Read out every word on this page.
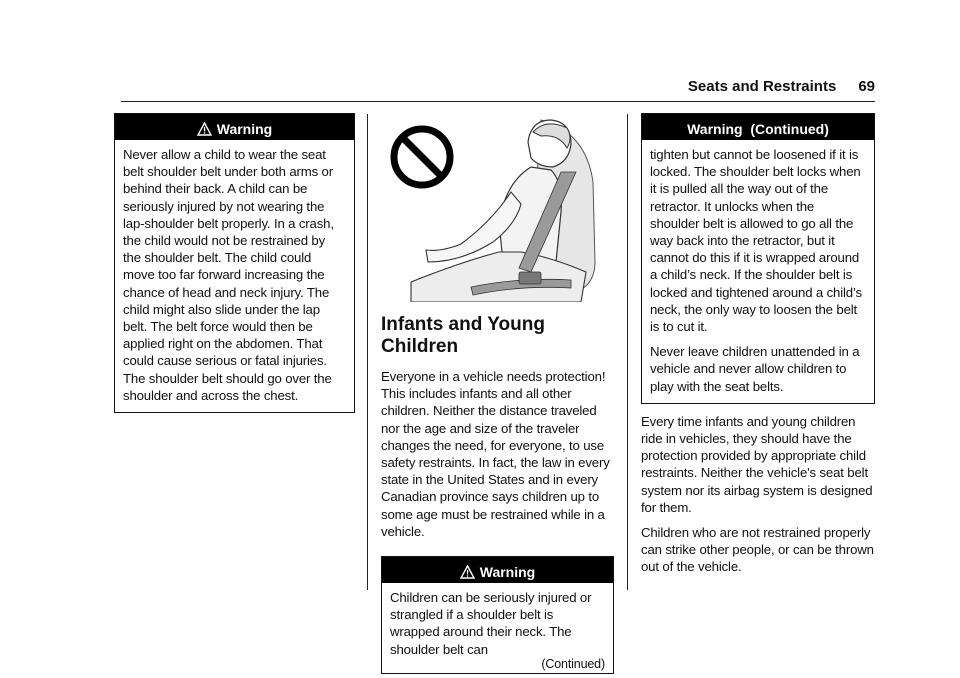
Seats and Restraints 69
Warning

Never allow a child to wear the seat belt shoulder belt under both arms or behind their back. A child can be seriously injured by not wearing the lap-shoulder belt properly. In a crash, the child would not be restrained by the shoulder belt. The child could move too far forward increasing the chance of head and neck injury. The child might also slide under the lap belt. The belt force would then be applied right on the abdomen. That could cause serious or fatal injuries. The shoulder belt should go over the shoulder and across the chest.

Infants and Young Children

Everyone in a vehicle needs protection! This includes infants and all other children. Neither the distance traveled nor the age and size of the traveler changes the need, for everyone, to use safety restraints. In fact, the law in every state in the United States and in every Canadian province says children up to some age must be restrained while in a vehicle.

Warning

Children can be seriously injured or strangled if a shoulder belt is wrapped around their neck. The shoulder belt can

(Continued)
Warning  (Continued)

tighten but cannot be loosened if it is locked. The shoulder belt locks when it is pulled all the way out of the retractor. It unlocks when the shoulder belt is allowed to go all the way back into the retractor, but it cannot do this if it is wrapped around a child’s neck. If the shoulder belt is locked and tightened around a child’s neck, the only way to loosen the belt is to cut it.

Never leave children unattended in a vehicle and never allow children to play with the seat belts.

Every time infants and young children ride in vehicles, they should have the protection provided by appropriate child restraints. Neither the vehicle's seat belt system nor its airbag system is designed for them.

Children who are not restrained properly can strike other people, or can be thrown out of the vehicle.
